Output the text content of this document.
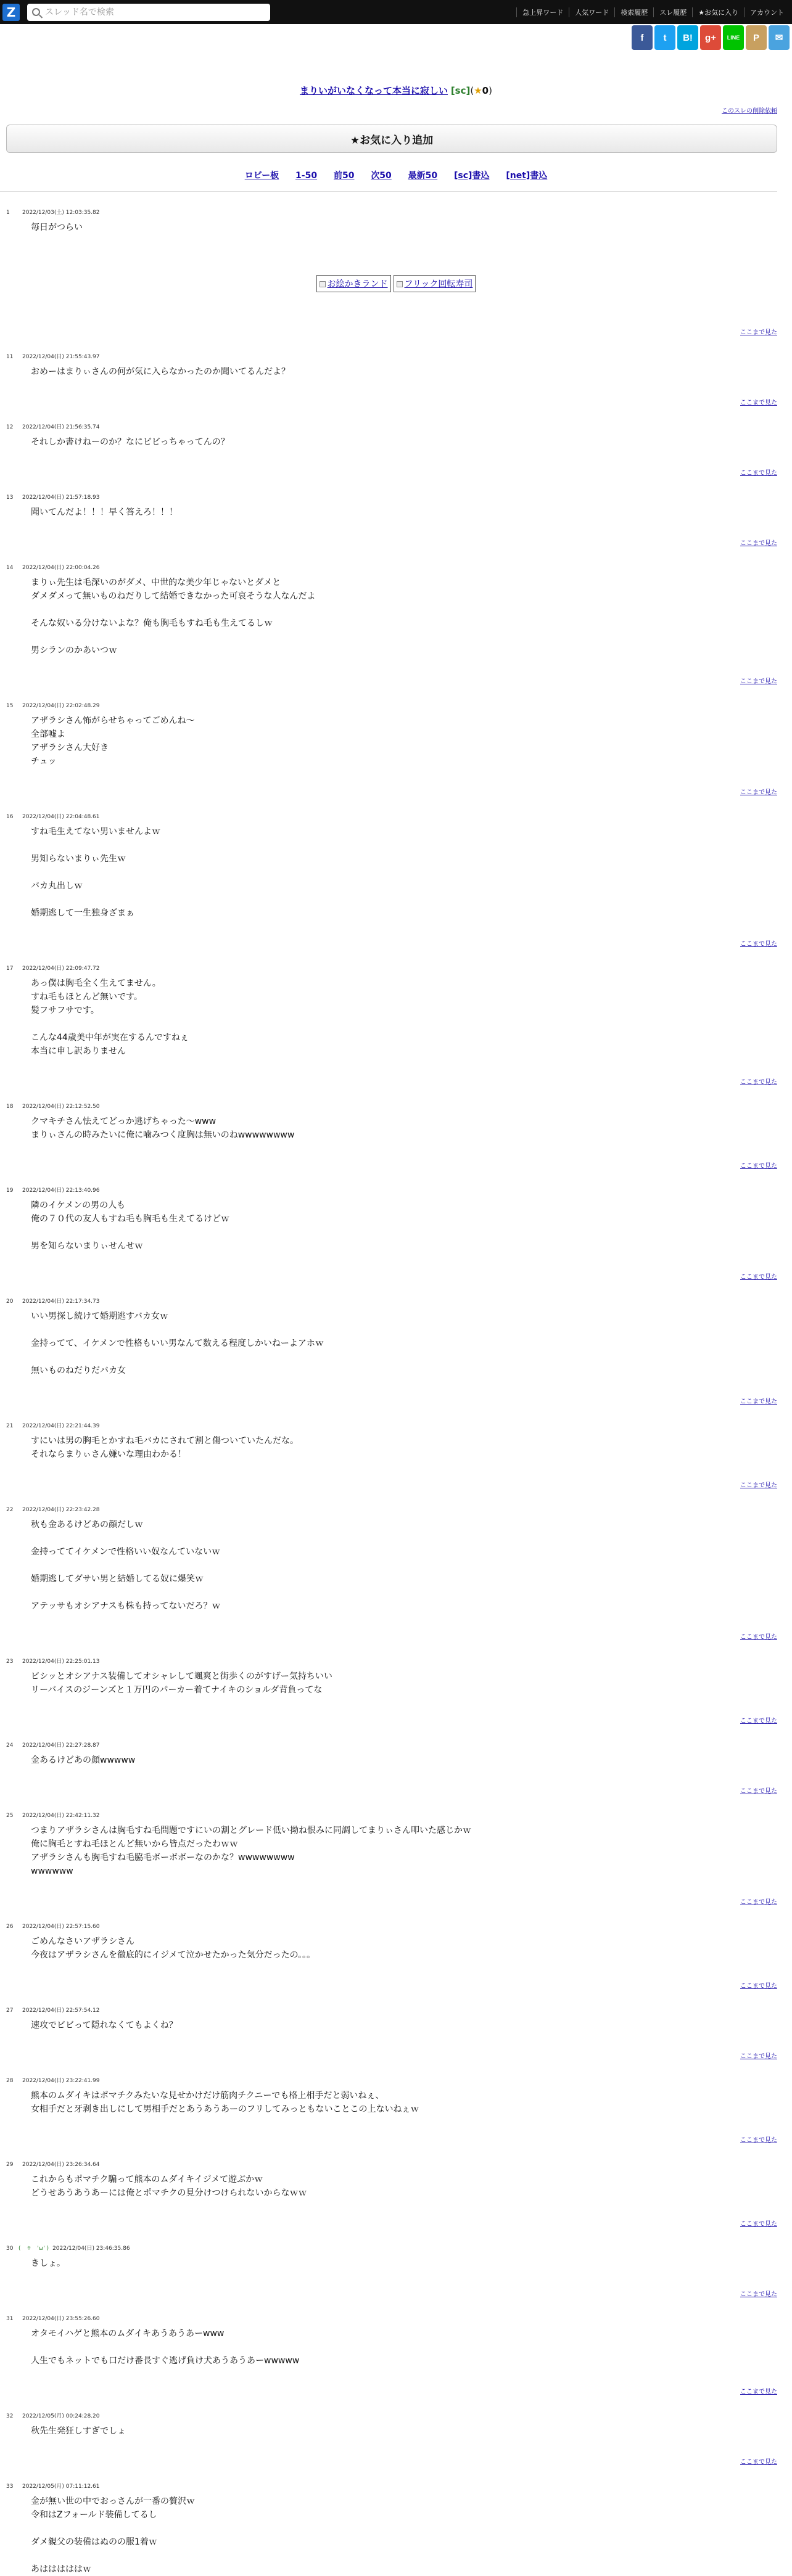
Z
スレッド名で検索	急上昇ワード	人気ワード	検索履歴	スレ履歴	★お気に入り	アカウント
f	t	B!	g+	LINE	P	✉
まりいがいなくなって本当に寂しい [sc](★0)
このスレの削除依頼
★お気に入り追加
ロビー板 1-50 前50 次50 最新50 [sc]書込 [net]書込
1	2022/12/03(土) 12:03:35.82
毎日がつらい
お絵かきランド フリック回転寿司
ここまで見た
11	2022/12/04(日) 21:55:43.97
おめーはまりぃさんの何が気に入らなかったのか聞いてるんだよ？
ここまで見た
12	2022/12/04(日) 21:56:35.74
それしか書けねーのか？なにビビっちゃってんの？
ここまで見た
13	2022/12/04(日) 21:57:18.93
聞いてんだよ！！！早く答えろ！！！
ここまで見た
14	2022/12/04(日) 22:00:04.26
まりぃ先生は毛深いのがダメ、中世的な美少年じゃないとダメと
ダメダメって無いものねだりして結婚できなかった可哀そうな人なんだよ

そんな奴いる分けないよな？俺も胸毛もすね毛も生えてるしｗ

男シランのかあいつｗ
ここまで見た
15	2022/12/04(日) 22:02:48.29
アザラシさん怖がらせちゃってごめんね〜
全部嘘よ
アザラシさん大好き
チュッ
ここまで見た
16	2022/12/04(日) 22:04:48.61
すね毛生えてない男いませんよｗ

男知らないまりぃ先生ｗ

バカ丸出しｗ

婚期逃して一生独身ざまぁ
ここまで見た
17	2022/12/04(日) 22:09:47.72
あっ僕は胸毛全く生えてません。
すね毛もほとんど無いです。
髪フサフサです。

こんな44歳美中年が実在するんですねぇ
本当に申し訳ありません
ここまで見た
18	2022/12/04(日) 22:12:52.50
クマキチさん怯えてどっか逃げちゃった〜www
まりぃさんの時みたいに俺に噛みつく度胸は無いのねwwwwwwww
ここまで見た
19	2022/12/04(日) 22:13:40.96
隣のイケメンの男の人も
俺の７０代の友人もすね毛も胸毛も生えてるけどｗ

男を知らないまりぃせんせｗ
ここまで見た
20	2022/12/04(日) 22:17:34.73
いい男探し続けて婚期逃すバカ女ｗ

金持ってて、イケメンで性格もいい男なんて数える程度しかいねーよアホｗ

無いものねだりだバカ女
ここまで見た
21	2022/12/04(日) 22:21:44.39
すにいは男の胸毛とかすね毛バカにされて割と傷ついていたんだな。
それならまりぃさん嫌いな理由わかる！
ここまで見た
22	2022/12/04(日) 22:23:42.28
秋も金あるけどあの顔だしｗ

金持っててイケメンで性格いい奴なんていないｗ

婚期逃してダサい男と結婚してる奴に爆笑ｗ

アテッサもオシアナスも株も持ってないだろ？ｗ
ここまで見た
23	2022/12/04(日) 22:25:01.13
ビシッとオシアナス装備してオシャレして颯爽と街歩くのがすげー気持ちいい
リーバイスのジーンズと１万円のパーカー着てナイキのショルダ背負ってな
ここまで見た
24	2022/12/04(日) 22:27:28.87
金あるけどあの顔wwwww
ここまで見た
25	2022/12/04(日) 22:42:11.32
つまりアザラシさんは胸毛すね毛問題ですにいの割とグレード低い拗ね恨みに同調してまりぃさん叩いた感じかｗ
俺に胸毛とすね毛ほとんど無いから皆点だったわｗｗ
アザラシさんも胸毛すね毛脇毛ボーボボーなのかな？wwwwwwww
wwwwww
ここまで見た
26	2022/12/04(日) 22:57:15.60
ごめんなさいアザラシさん
今夜はアザラシさんを徹底的にイジメて泣かせたかった気分だったの。。。
ここまで見た
27	2022/12/04(日) 22:57:54.12
速攻でビビって隠れなくてもよくね？
ここまで見た
28	2022/12/04(日) 23:22:41.99
熊本のムダイキはポマチクみたいな見せかけだけ筋肉チクニーでも格上相手だと弱いねぇ、
女相手だと牙剥き出しにして男相手だとあうあうあーのフリしてみっともないことこの上ないねぇｗ
ここまで見た
29	2022/12/04(日) 23:26:34.64
これからもポマチク騙って熊本のムダイキイジメて遊ぶかｗ
どうせあうあうあーには俺とポマチクの見分けつけられないからなｗｗ
ここまで見た
30 (　ㅎ　'ω' ) 2022/12/04(日) 23:46:35.86
きしょ。
ここまで見た
31	2022/12/04(日) 23:55:26.60
オタモイハゲと熊本のムダイキあうあうあーwww

人生でもネットでも口だけ番長すぐ逃げ負け犬あうあうあーwwwww
ここまで見た
32	2022/12/05(月) 00:24:28.20
秋先生発狂しすぎでしょ
ここまで見た
33	2022/12/05(月) 07:11:12.61
金が無い世の中でおっさんが一番の贅沢ｗ
令和はZフォールド装備してるし

ダメ親父の装備はぬのの服1着ｗ

あはははははｗ
